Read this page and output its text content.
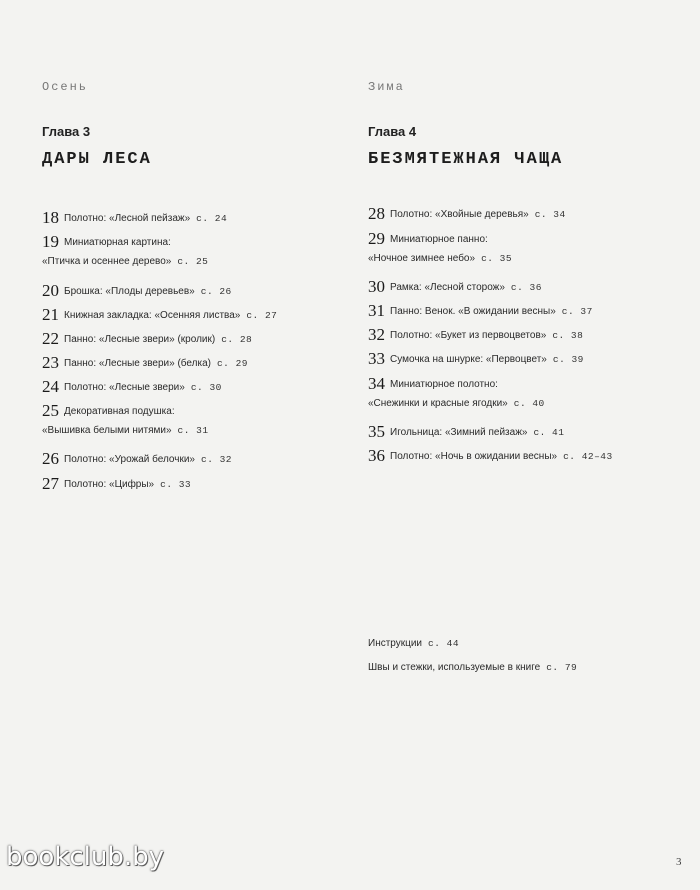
Осень
Глава 3
ДАРЫ ЛЕСА
18 Полотно: «Лесной пейзаж» с. 24
19 Миниатюрная картина:
«Птичка и осеннее дерево» с. 25
20 Брошка: «Плоды деревьев» с. 26
21 Книжная закладка: «Осенняя листва» с. 27
22 Панно: «Лесные звери» (кролик) с. 28
23 Панно: «Лесные звери» (белка) с. 29
24 Полотно: «Лесные звери» с. 30
25 Декоративная подушка:
«Вышивка белыми нитями» с. 31
26 Полотно: «Урожай белочки» с. 32
27 Полотно: «Цифры» с. 33
Зима
Глава 4
БЕЗМЯТЕЖНАЯ ЧАЩА
28 Полотно: «Хвойные деревья» с. 34
29 Миниатюрное панно:
«Ночное зимнее небо» с. 35
30 Рамка: «Лесной сторож» с. 36
31 Панно: Венок. «В ожидании весны» с. 37
32 Полотно: «Букет из первоцветов» с. 38
33 Сумочка на шнурке: «Первоцвет» с. 39
34 Миниатюрное полотно:
«Снежинки и красные ягодки» с. 40
35 Игольница: «Зимний пейзаж» с. 41
36 Полотно: «Ночь в ожидании весны» с. 42–43
Инструкции с. 44
Швы и стежки, используемые в книге с. 79
bookclub.by	3
